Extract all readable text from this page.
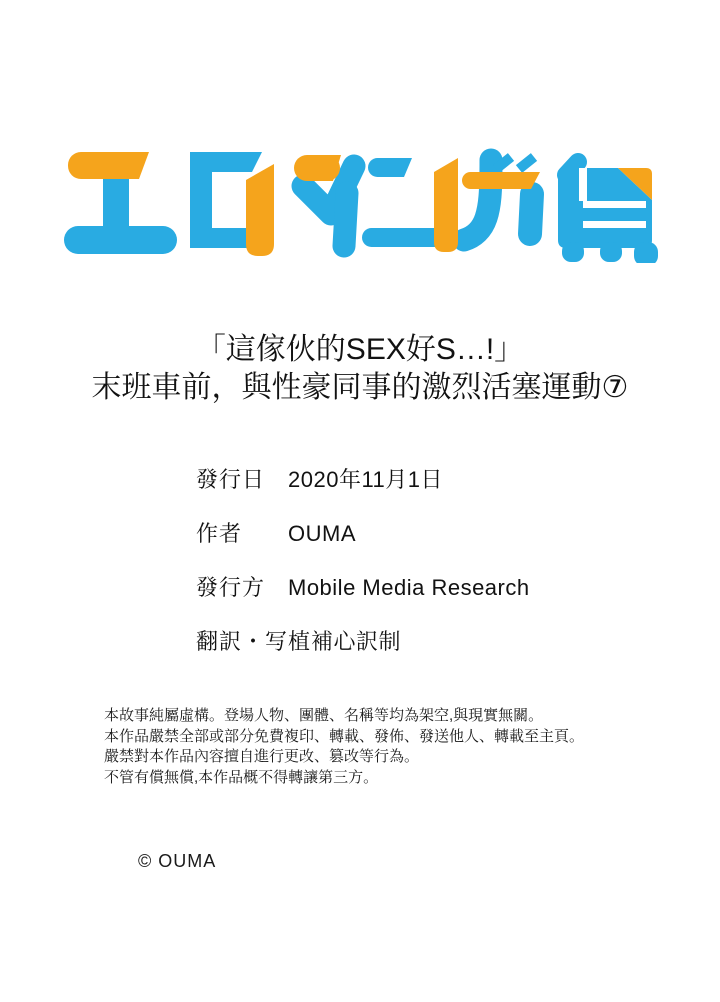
「這傢伙的SEX好S…!」
末班車前，與性豪同事的激烈活塞運動⑦
發行日	2020年11月1日
作者	OUMA
發行方	Mobile Media Research
翻訳・写植 補心訳制
本故事純屬虛構。登場人物、團體、名稱等均為架空,與現實無關。
本作品嚴禁全部或部分免費複印、轉載、發佈、發送他人、轉載至主頁。
嚴禁對本作品內容擅自進行更改、篡改等行為。
不管有償無償,本作品概不得轉讓第三方。
© OUMA
